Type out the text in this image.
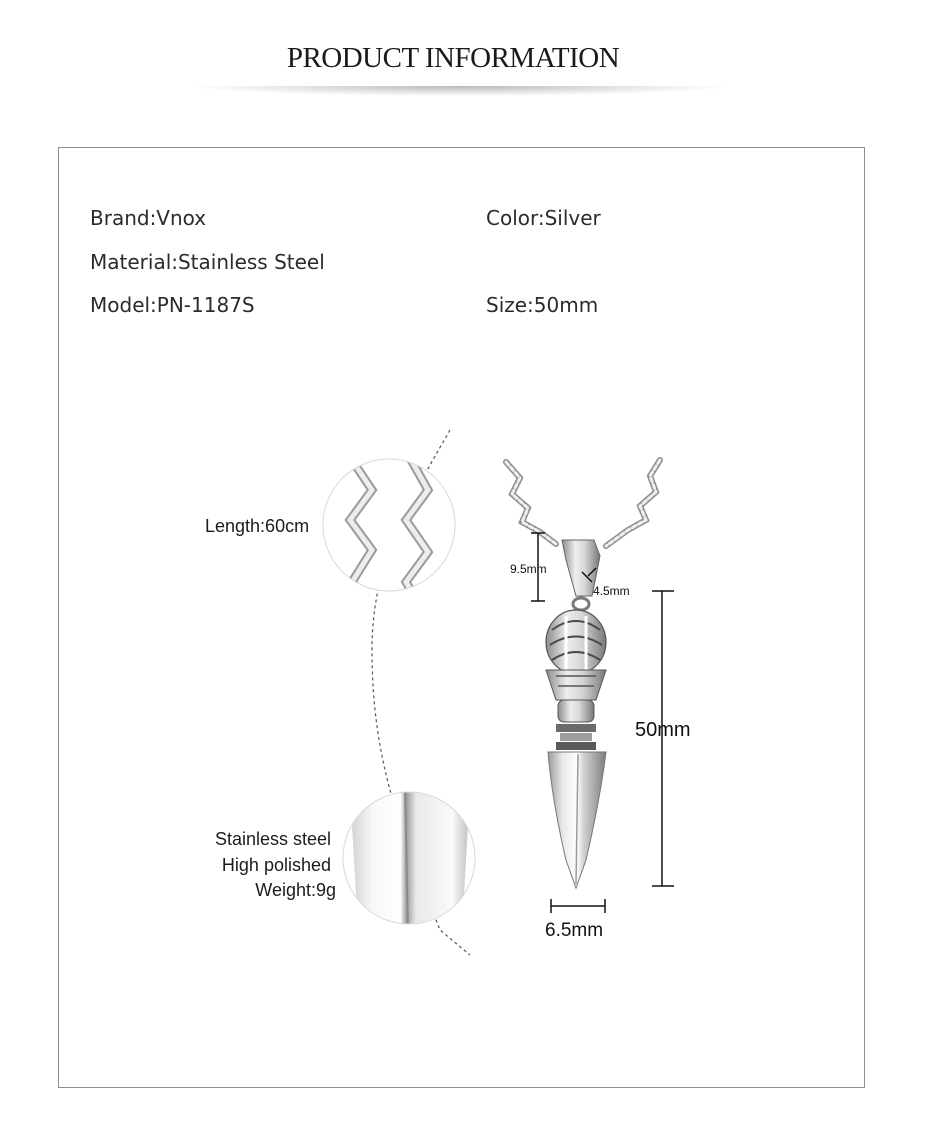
PRODUCT INFORMATION
Brand:Vnox	Color:Silver
Material:Stainless Steel
Model:PN-1187S	Size:50mm
Length:60cm
Stainless steel
High polished
Weight:9g
9.5mm
4.5mm
50mm
6.5mm
